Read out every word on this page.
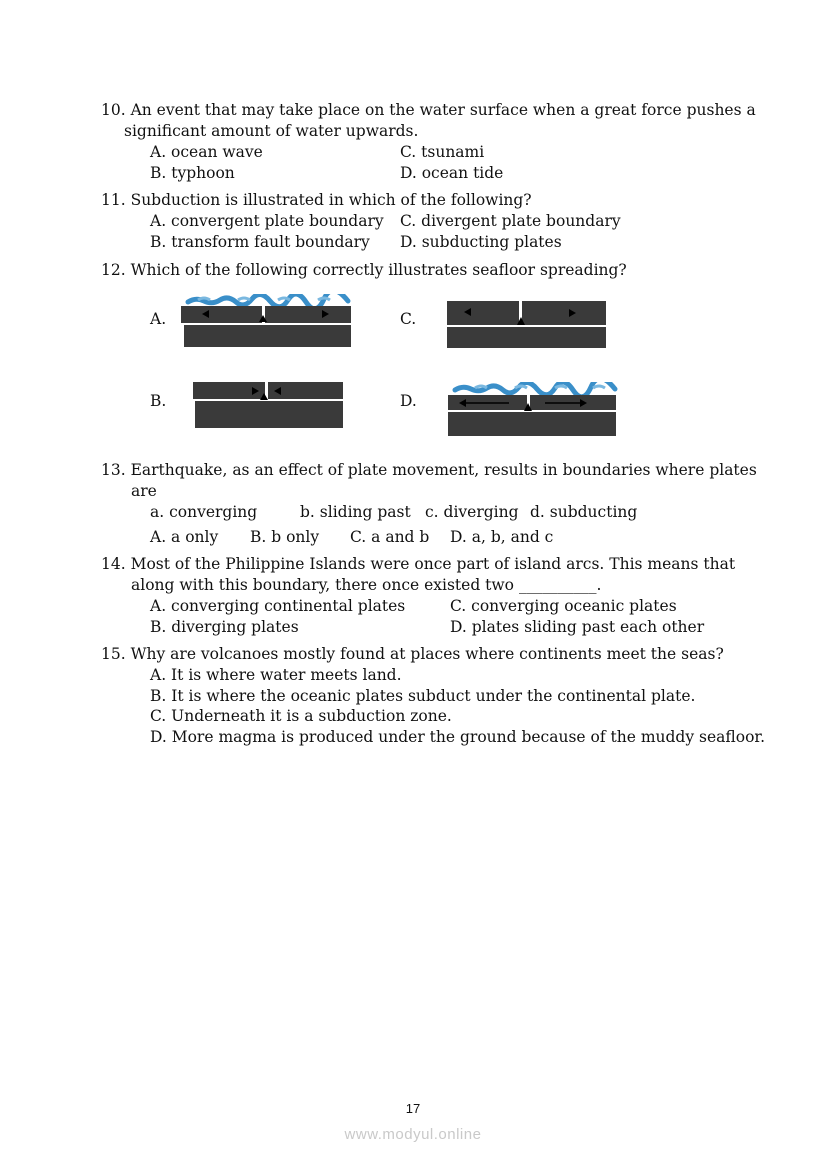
10. An event that may take place on the water surface when a great force pushes a
significant amount of water upwards.
A. ocean wave	C. tsunami
B. typhoon	D. ocean tide
11. Subduction is illustrated in which of the following?
A. convergent plate boundary C. divergent plate boundary
B. transform fault boundary D. subducting plates
12. Which of the following correctly illustrates seafloor spreading?
A.	C.
B.	D.
13. Earthquake, as an effect of plate movement, results in boundaries where plates
are
a. converging	b. sliding past c. diverging d. subducting
A. a only B. b only C. a and b D. a, b, and c
14. Most of the Philippine Islands were once part of island arcs. This means that
along with this boundary, there once existed two __________.
A. converging continental plates	C. converging oceanic plates
B. diverging plates	D. plates sliding past each other
15. Why are volcanoes mostly found at places where continents meet the seas?
A. It is where water meets land.
B. It is where the oceanic plates subduct under the continental plate.
C. Underneath it is a subduction zone.
D. More magma is produced under the ground because of the muddy seafloor.
17
www.modyul.online
